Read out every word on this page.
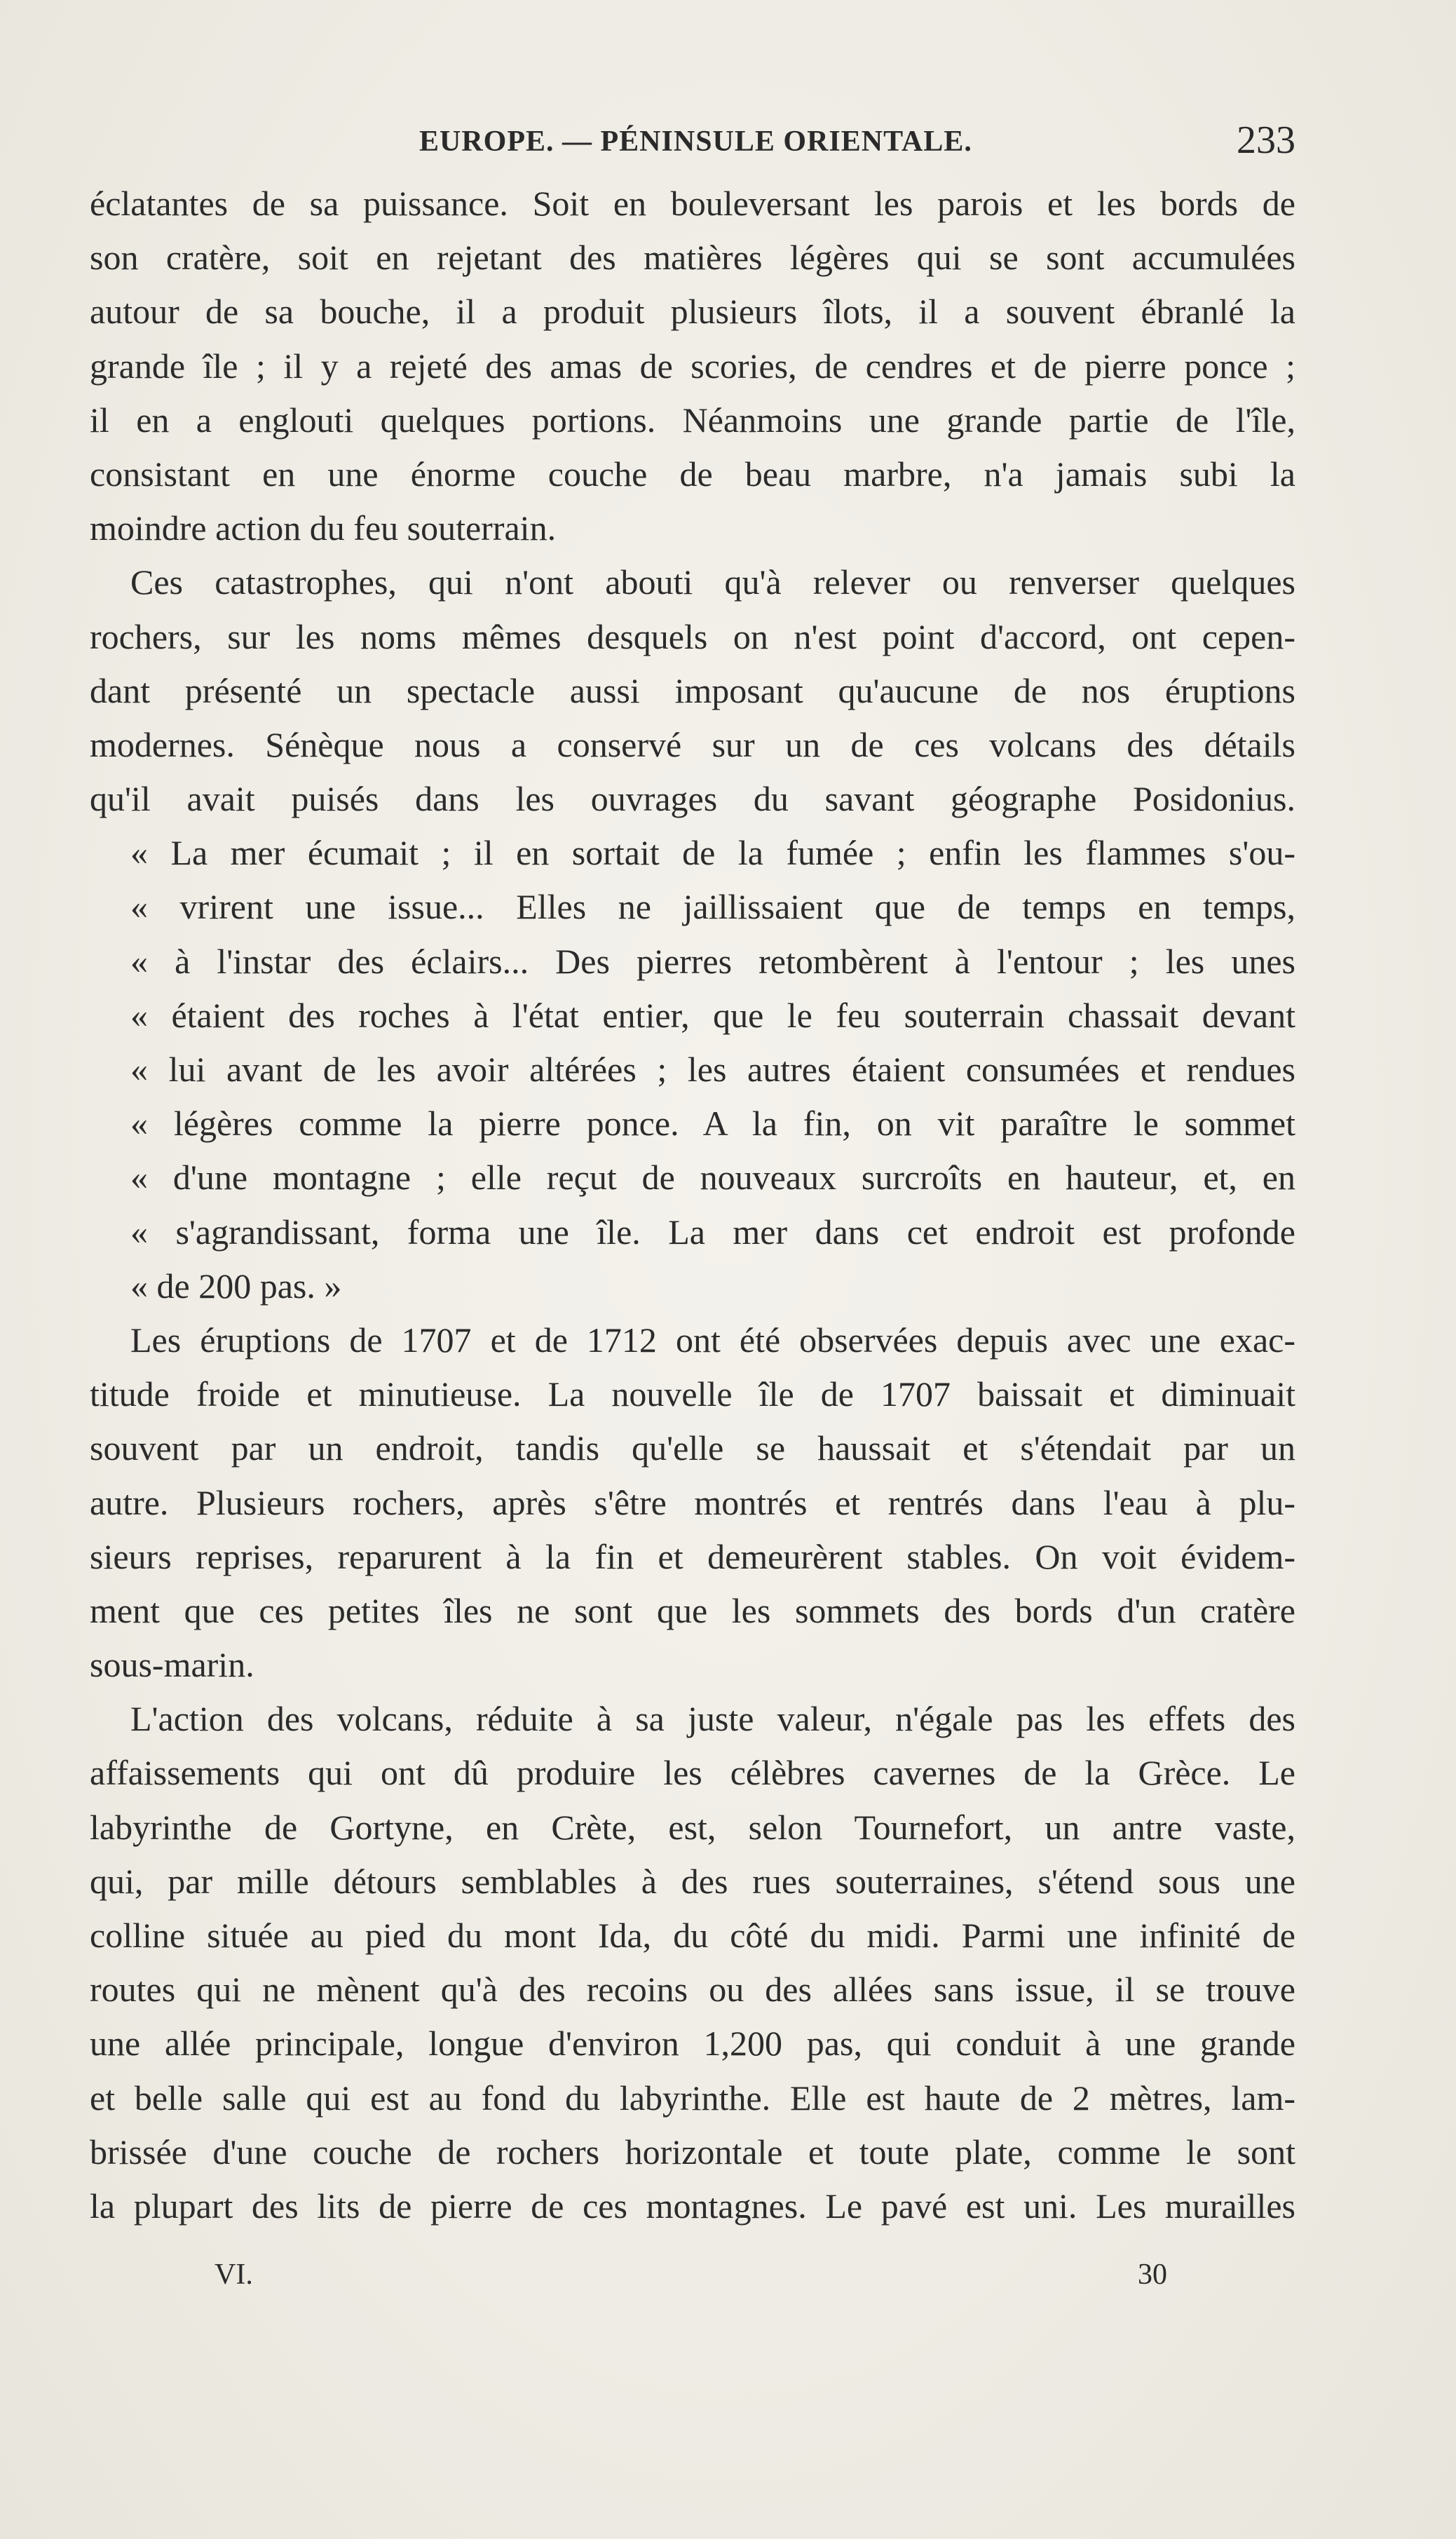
EUROPE. — PÉNINSULE ORIENTALE.	233
éclatantes de sa puissance. Soit en bouleversant les parois et les bords de
son cratère, soit en rejetant des matières légères qui se sont accumulées
autour de sa bouche, il a produit plusieurs îlots, il a souvent ébranlé la
grande île ; il y a rejeté des amas de scories, de cendres et de pierre ponce ;
il en a englouti quelques portions. Néanmoins une grande partie de l'île,
consistant en une énorme couche de beau marbre, n'a jamais subi la
moindre action du feu souterrain.
Ces catastrophes, qui n'ont abouti qu'à relever ou renverser quelques
rochers, sur les noms mêmes desquels on n'est point d'accord, ont cepen-
dant présenté un spectacle aussi imposant qu'aucune de nos éruptions
modernes. Sénèque nous a conservé sur un de ces volcans des détails
qu'il avait puisés dans les ouvrages du savant géographe Posidonius.
« La mer écumait ; il en sortait de la fumée ; enfin les flammes s'ou-
« vrirent une issue... Elles ne jaillissaient que de temps en temps,
« à l'instar des éclairs... Des pierres retombèrent à l'entour ; les unes
« étaient des roches à l'état entier, que le feu souterrain chassait devant
« lui avant de les avoir altérées ; les autres étaient consumées et rendues
« légères comme la pierre ponce. A la fin, on vit paraître le sommet
« d'une montagne ; elle reçut de nouveaux surcroîts en hauteur, et, en
« s'agrandissant, forma une île. La mer dans cet endroit est profonde
« de 200 pas. »
Les éruptions de 1707 et de 1712 ont été observées depuis avec une exac-
titude froide et minutieuse. La nouvelle île de 1707 baissait et diminuait
souvent par un endroit, tandis qu'elle se haussait et s'étendait par un
autre. Plusieurs rochers, après s'être montrés et rentrés dans l'eau à plu-
sieurs reprises, reparurent à la fin et demeurèrent stables. On voit évidem-
ment que ces petites îles ne sont que les sommets des bords d'un cratère
sous-marin.
L'action des volcans, réduite à sa juste valeur, n'égale pas les effets des
affaissements qui ont dû produire les célèbres cavernes de la Grèce. Le
labyrinthe de Gortyne, en Crète, est, selon Tournefort, un antre vaste,
qui, par mille détours semblables à des rues souterraines, s'étend sous une
colline située au pied du mont Ida, du côté du midi. Parmi une infinité de
routes qui ne mènent qu'à des recoins ou des allées sans issue, il se trouve
une allée principale, longue d'environ 1,200 pas, qui conduit à une grande
et belle salle qui est au fond du labyrinthe. Elle est haute de 2 mètres, lam-
brissée d'une couche de rochers horizontale et toute plate, comme le sont
la plupart des lits de pierre de ces montagnes. Le pavé est uni. Les murailles
VI.	30
